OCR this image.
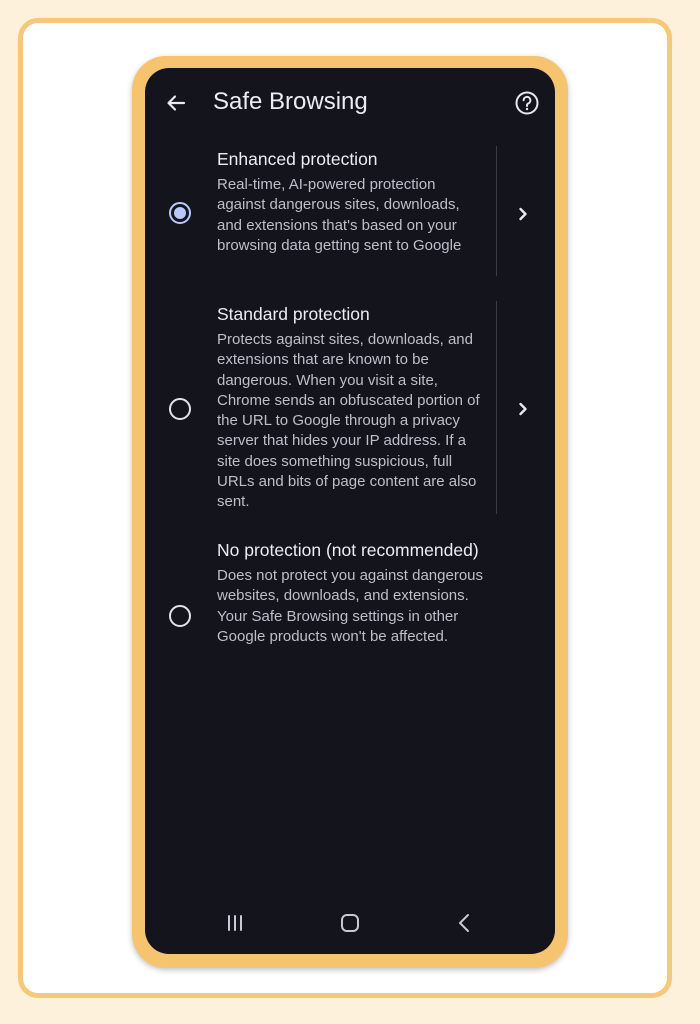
Safe Browsing
Enhanced protection
Real-time, AI-powered protection against dangerous sites, downloads, and extensions that's based on your browsing data getting sent to Google
Standard protection
Protects against sites, downloads, and extensions that are known to be dangerous. When you visit a site, Chrome sends an obfuscated portion of the URL to Google through a privacy server that hides your IP address. If a site does something suspicious, full URLs and bits of page content are also sent.
No protection (not recommended)
Does not protect you against dangerous websites, downloads, and extensions. Your Safe Browsing settings in other Google products won't be affected.
